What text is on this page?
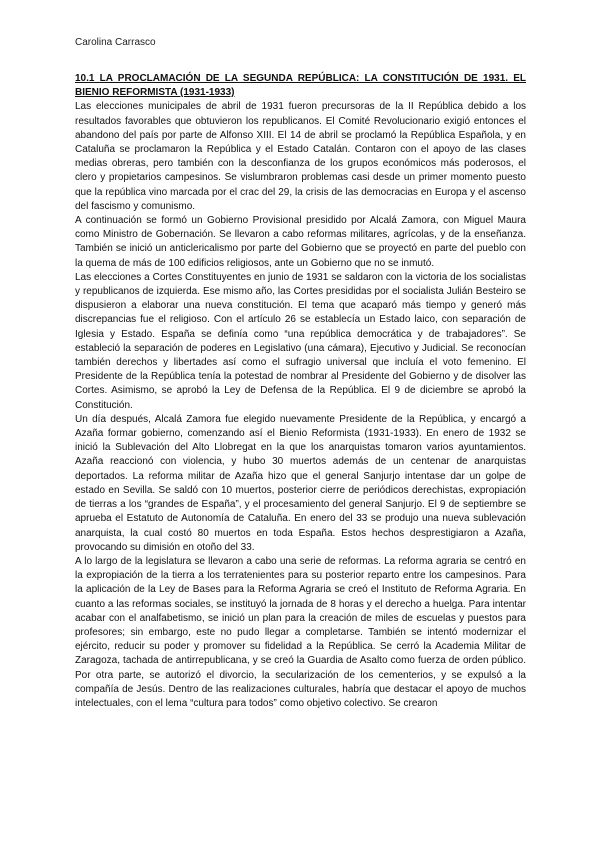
Carolina Carrasco

10.1 LA PROCLAMACIÓN DE LA SEGUNDA REPÚBLICA: LA CONSTITUCIÓN DE 1931. EL BIENIO REFORMISTA (1931-1933)

Las elecciones municipales de abril de 1931 fueron precursoras de la II República debido a los resultados favorables que obtuvieron los republicanos. El Comité Revolucionario exigió entonces el abandono del país por parte de Alfonso XIII. El 14 de abril se proclamó la República Española, y en Cataluña se proclamaron la República y el Estado Catalán. Contaron con el apoyo de las clases medias obreras, pero también con la desconfianza de los grupos económicos más poderosos, el clero y propietarios campesinos. Se vislumbraron problemas casi desde un primer momento puesto que la república vino marcada por el crac del 29, la crisis de las democracias en Europa y el ascenso del fascismo y comunismo.

A continuación se formó un Gobierno Provisional presidido por Alcalá Zamora, con Miguel Maura como Ministro de Gobernación. Se llevaron a cabo reformas militares, agrícolas, y de la enseñanza. También se inició un anticlericalismo por parte del Gobierno que se proyectó en parte del pueblo con la quema de más de 100 edificios religiosos, ante un Gobierno que no se inmutó.

Las elecciones a Cortes Constituyentes en junio de 1931 se saldaron con la victoria de los socialistas y republicanos de izquierda. Ese mismo año, las Cortes presididas por el socialista Julián Besteiro se dispusieron a elaborar una nueva constitución. El tema que acaparó más tiempo y generó más discrepancias fue el religioso. Con el artículo 26 se establecía un Estado laico, con separación de Iglesia y Estado. España se definía como “una república democrática y de trabajadores”. Se estableció la separación de poderes en Legislativo (una cámara), Ejecutivo y Judicial. Se reconocían también derechos y libertades así como el sufragio universal que incluía el voto femenino. El Presidente de la República tenía la potestad de nombrar al Presidente del Gobierno y de disolver las Cortes. Asimismo, se aprobó la Ley de Defensa de la República. El 9 de diciembre se aprobó la Constitución.

Un día después, Alcalá Zamora fue elegido nuevamente Presidente de la República, y encargó a Azaña formar gobierno, comenzando así el Bienio Reformista (1931-1933). En enero de 1932 se inició la Sublevación del Alto Llobregat en la que los anarquistas tomaron varios ayuntamientos. Azaña reaccionó con violencia, y hubo 30 muertos además de un centenar de anarquistas deportados. La reforma militar de Azaña hizo que el general Sanjurjo intentase dar un golpe de estado en Sevilla. Se saldó con 10 muertos, posterior cierre de periódicos derechistas, expropiación de tierras a los “grandes de España”, y el procesamiento del general Sanjurjo. El 9 de septiembre se aprueba el Estatuto de Autonomía de Cataluña. En enero del 33 se produjo una nueva sublevación anarquista, la cual costó 80 muertos en toda España. Estos hechos desprestigiaron a Azaña, provocando su dimisión en otoño del 33.

A lo largo de la legislatura se llevaron a cabo una serie de reformas. La reforma agraria se centró en la expropiación de la tierra a los terratenientes para su posterior reparto entre los campesinos. Para la aplicación de la Ley de Bases para la Reforma Agraria se creó el Instituto de Reforma Agraria. En cuanto a las reformas sociales, se instituyó la jornada de 8 horas y el derecho a huelga. Para intentar acabar con el analfabetismo, se inició un plan para la creación de miles de escuelas y puestos para profesores; sin embargo, este no pudo llegar a completarse. También se intentó modernizar el ejército, reducir su poder y promover su fidelidad a la República. Se cerró la Academia Militar de Zaragoza, tachada de antirrepublicana, y se creó la Guardia de Asalto como fuerza de orden público. Por otra parte, se autorizó el divorcio, la secularización de los cementerios, y se expulsó a la compañía de Jesús. Dentro de las realizaciones culturales, habría que destacar el apoyo de muchos intelectuales, con el lema “cultura para todos” como objetivo colectivo. Se crearon
